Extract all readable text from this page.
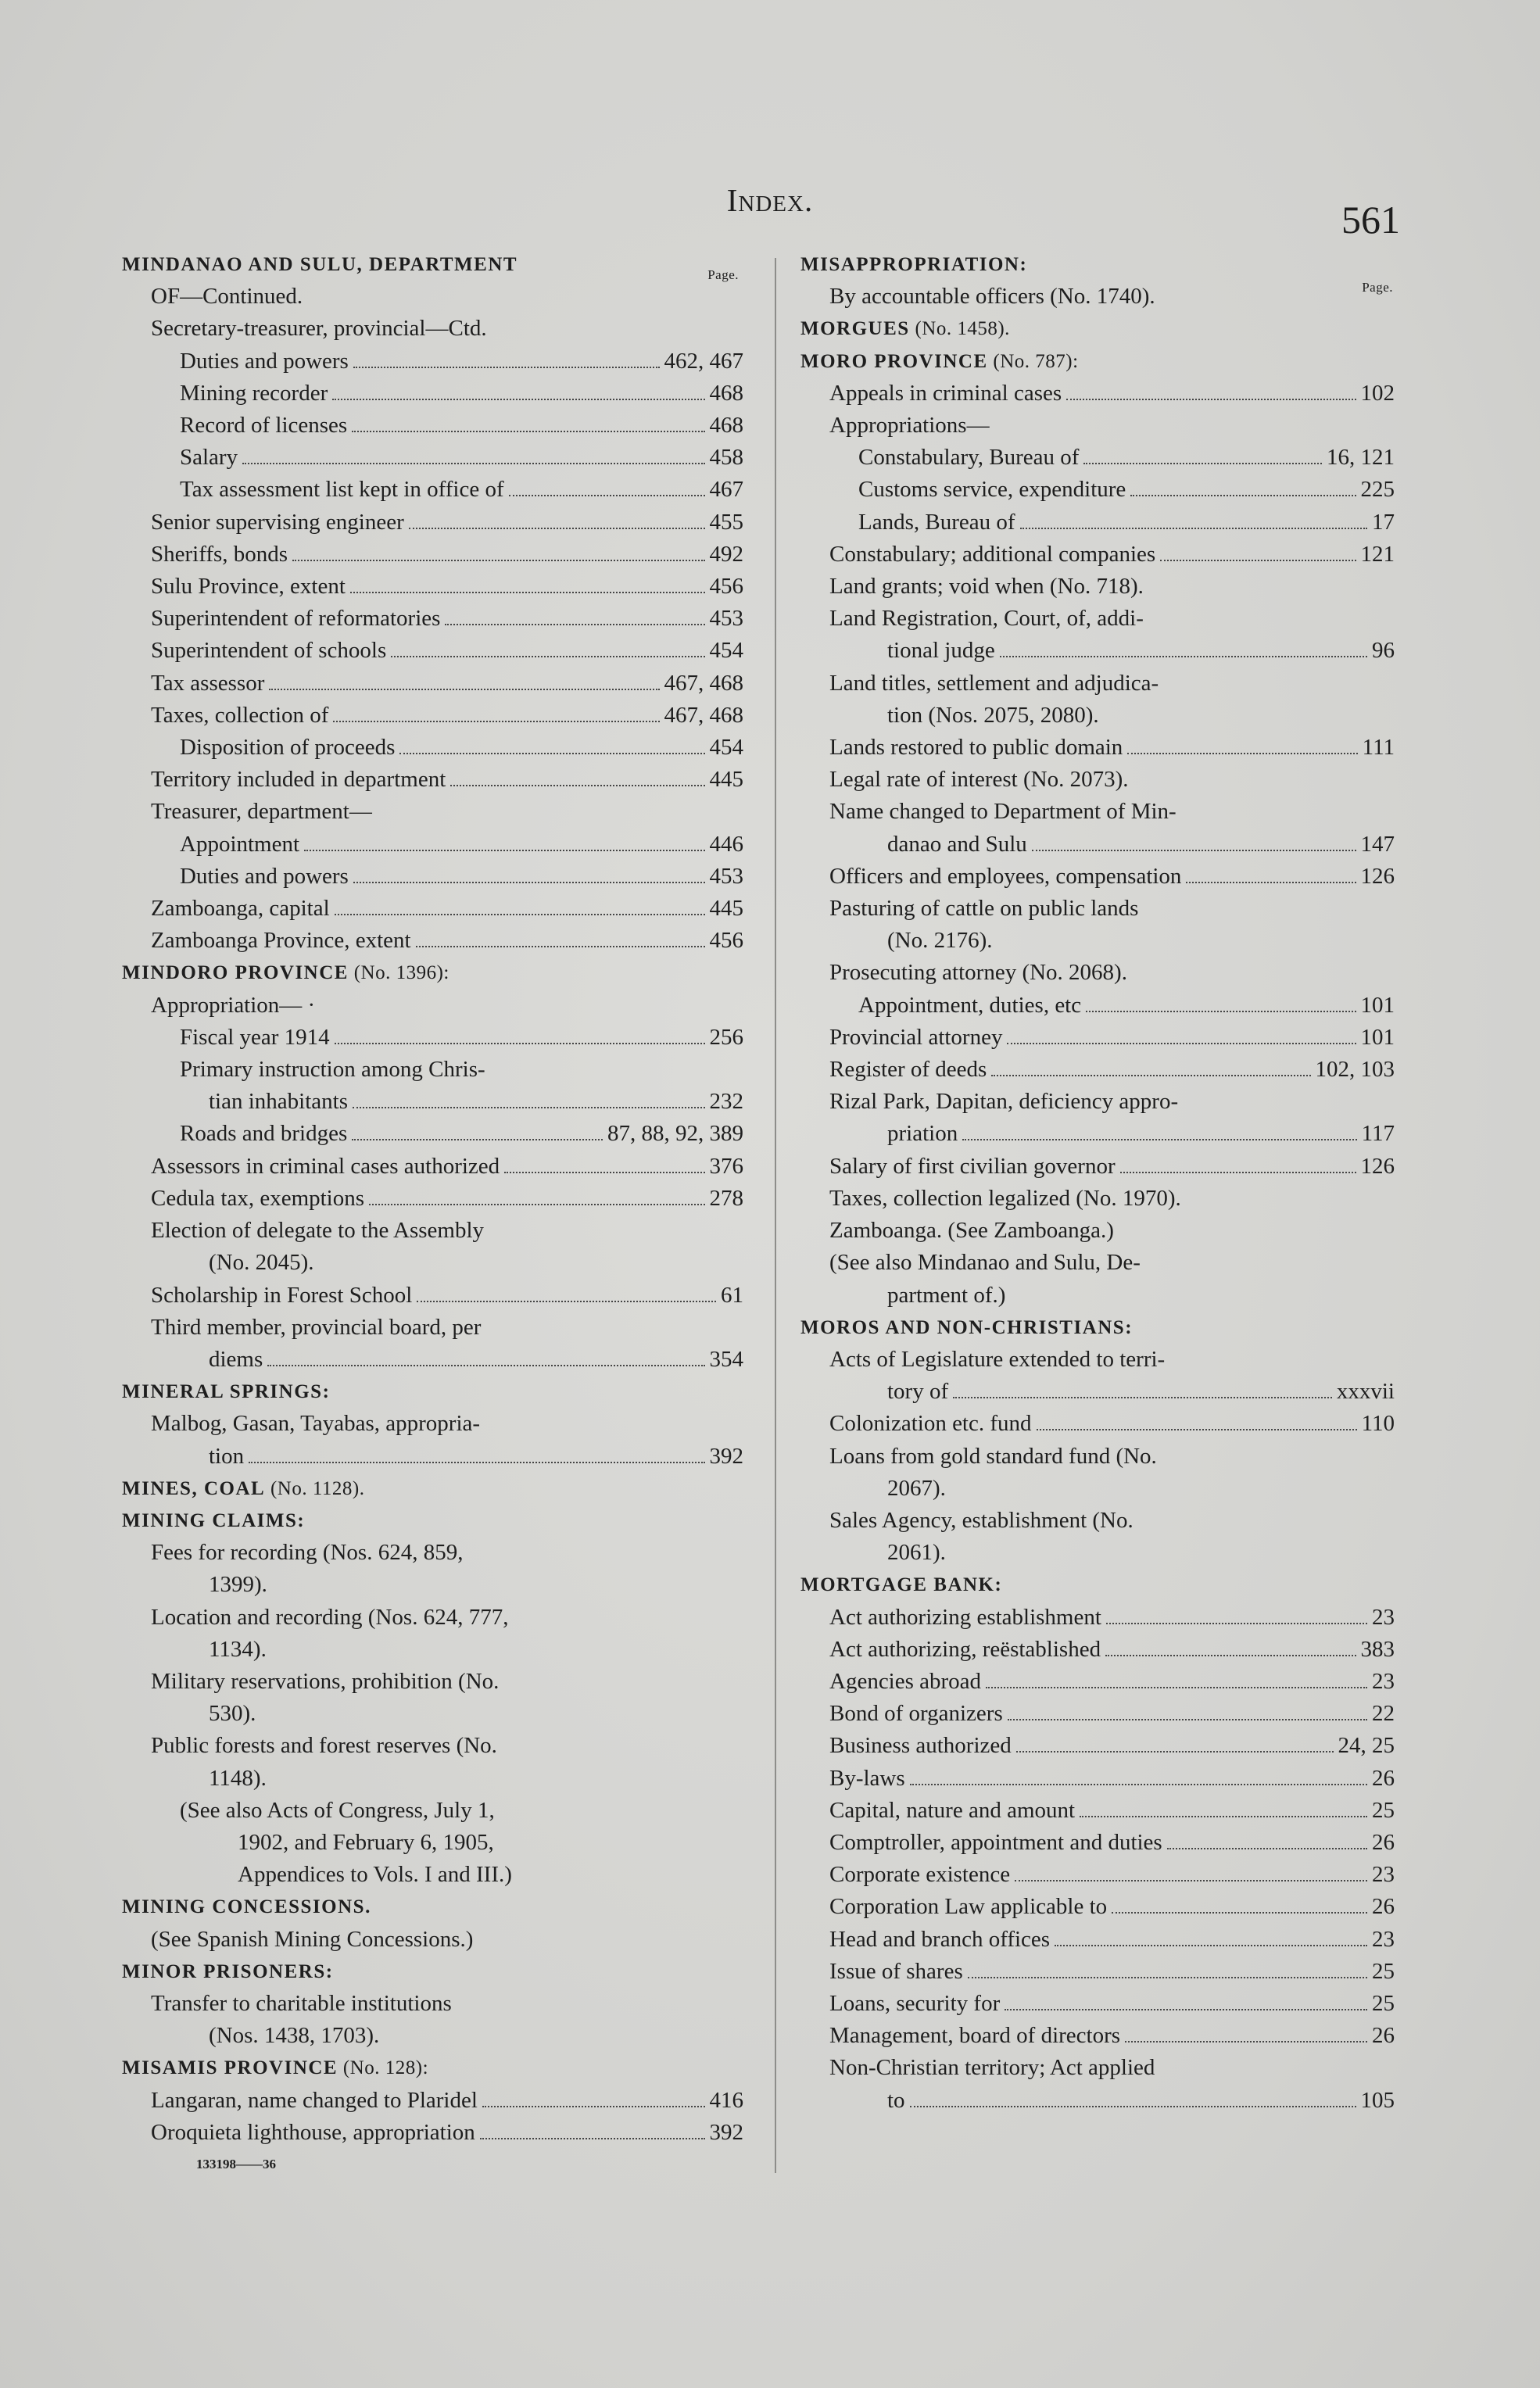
Index.	561
Page.
MINDANAO AND SULU, DEPARTMENT
OF—Continued.
Secretary-treasurer, provincial—Ctd.
Duties and powers	462, 467
Mining recorder	468
Record of licenses	468
Salary	458
Tax assessment list kept in office of	467
Senior supervising engineer	455
Sheriffs, bonds	492
Sulu Province, extent	456
Superintendent of reformatories	453
Superintendent of schools	454
Tax assessor	467, 468
Taxes, collection of	467, 468
Disposition of proceeds	454
Territory included in department	445
Treasurer, department—
Appointment	446
Duties and powers	453
Zamboanga, capital	445
Zamboanga Province, extent	456
MINDORO PROVINCE (No. 1396):
Appropriation— ·
Fiscal year 1914	256
Primary instruction among Chris-
tian inhabitants	232
Roads and bridges	87, 88, 92, 389
Assessors in criminal cases authorized	376
Cedula tax, exemptions	278
Election of delegate to the Assembly
(No. 2045).
Scholarship in Forest School	61
Third member, provincial board, per
diems	354
MINERAL SPRINGS:
Malbog, Gasan, Tayabas, appropria-
tion	392
MINES, COAL (No. 1128).
MINING CLAIMS:
Fees for recording (Nos. 624, 859,
1399).
Location and recording (Nos. 624, 777,
1134).
Military reservations, prohibition (No.
530).
Public forests and forest reserves (No.
1148).
(See also Acts of Congress, July 1,
1902, and February 6, 1905,
Appendices to Vols. I and III.)
MINING CONCESSIONS.
(See Spanish Mining Concessions.)
MINOR PRISONERS:
Transfer to charitable institutions
(Nos. 1438, 1703).
MISAMIS PROVINCE (No. 128):
Langaran, name changed to Plaridel	416
Oroquieta lighthouse, appropriation	392
133198——36
Page.
MISAPPROPRIATION:
By accountable officers (No. 1740).
MORGUES (No. 1458).
MORO PROVINCE (No. 787):
Appeals in criminal cases	102
Appropriations—
Constabulary, Bureau of	16, 121
Customs service, expenditure	225
Lands, Bureau of	17
Constabulary; additional companies	121
Land grants; void when (No. 718).
Land Registration, Court, of, addi-
tional judge	96
Land titles, settlement and adjudica-
tion (Nos. 2075, 2080).
Lands restored to public domain	111
Legal rate of interest (No. 2073).
Name changed to Department of Min-
danao and Sulu	147
Officers and employees, compensation	126
Pasturing of cattle on public lands
(No. 2176).
Prosecuting attorney (No. 2068).
Appointment, duties, etc	101
Provincial attorney	101
Register of deeds	102, 103
Rizal Park, Dapitan, deficiency appro-
priation	117
Salary of first civilian governor	126
Taxes, collection legalized (No. 1970).
Zamboanga. (See Zamboanga.)
(See also Mindanao and Sulu, De-
partment of.)
MOROS AND NON-CHRISTIANS:
Acts of Legislature extended to terri-
tory of	xxxvii
Colonization etc. fund	110
Loans from gold standard fund (No.
2067).
Sales Agency, establishment (No.
2061).
MORTGAGE BANK:
Act authorizing establishment	23
Act authorizing, reëstablished	383
Agencies abroad	23
Bond of organizers	22
Business authorized	24, 25
By-laws	26
Capital, nature and amount	25
Comptroller, appointment and duties	26
Corporate existence	23
Corporation Law applicable to	26
Head and branch offices	23
Issue of shares	25
Loans, security for	25
Management, board of directors	26
Non-Christian territory; Act applied
to	105
